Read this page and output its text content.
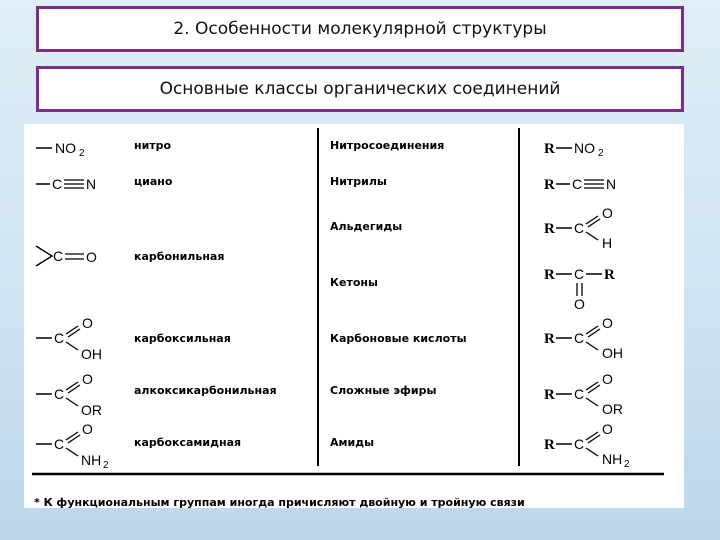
2. Особенности молекулярной структуры
Основные классы органических соединений
NO 2
C N
C O
C
O
OH
C
O
OR
C
O
NH 2
нитро
циано
карбонильная
карбоксильная
алкоксикарбонильная
карбоксамидная
Нитросоединения
Нитрилы
Альдегиды
Кетоны
Карбоновые кислоты
Сложные эфиры
Амиды
R NO 2
R C N
R C
O
H
R C R
O
R C
O
OH
R C
O
OR
R C
O
NH 2
* К функциональным группам иногда причисляют двойную и тройную связи
